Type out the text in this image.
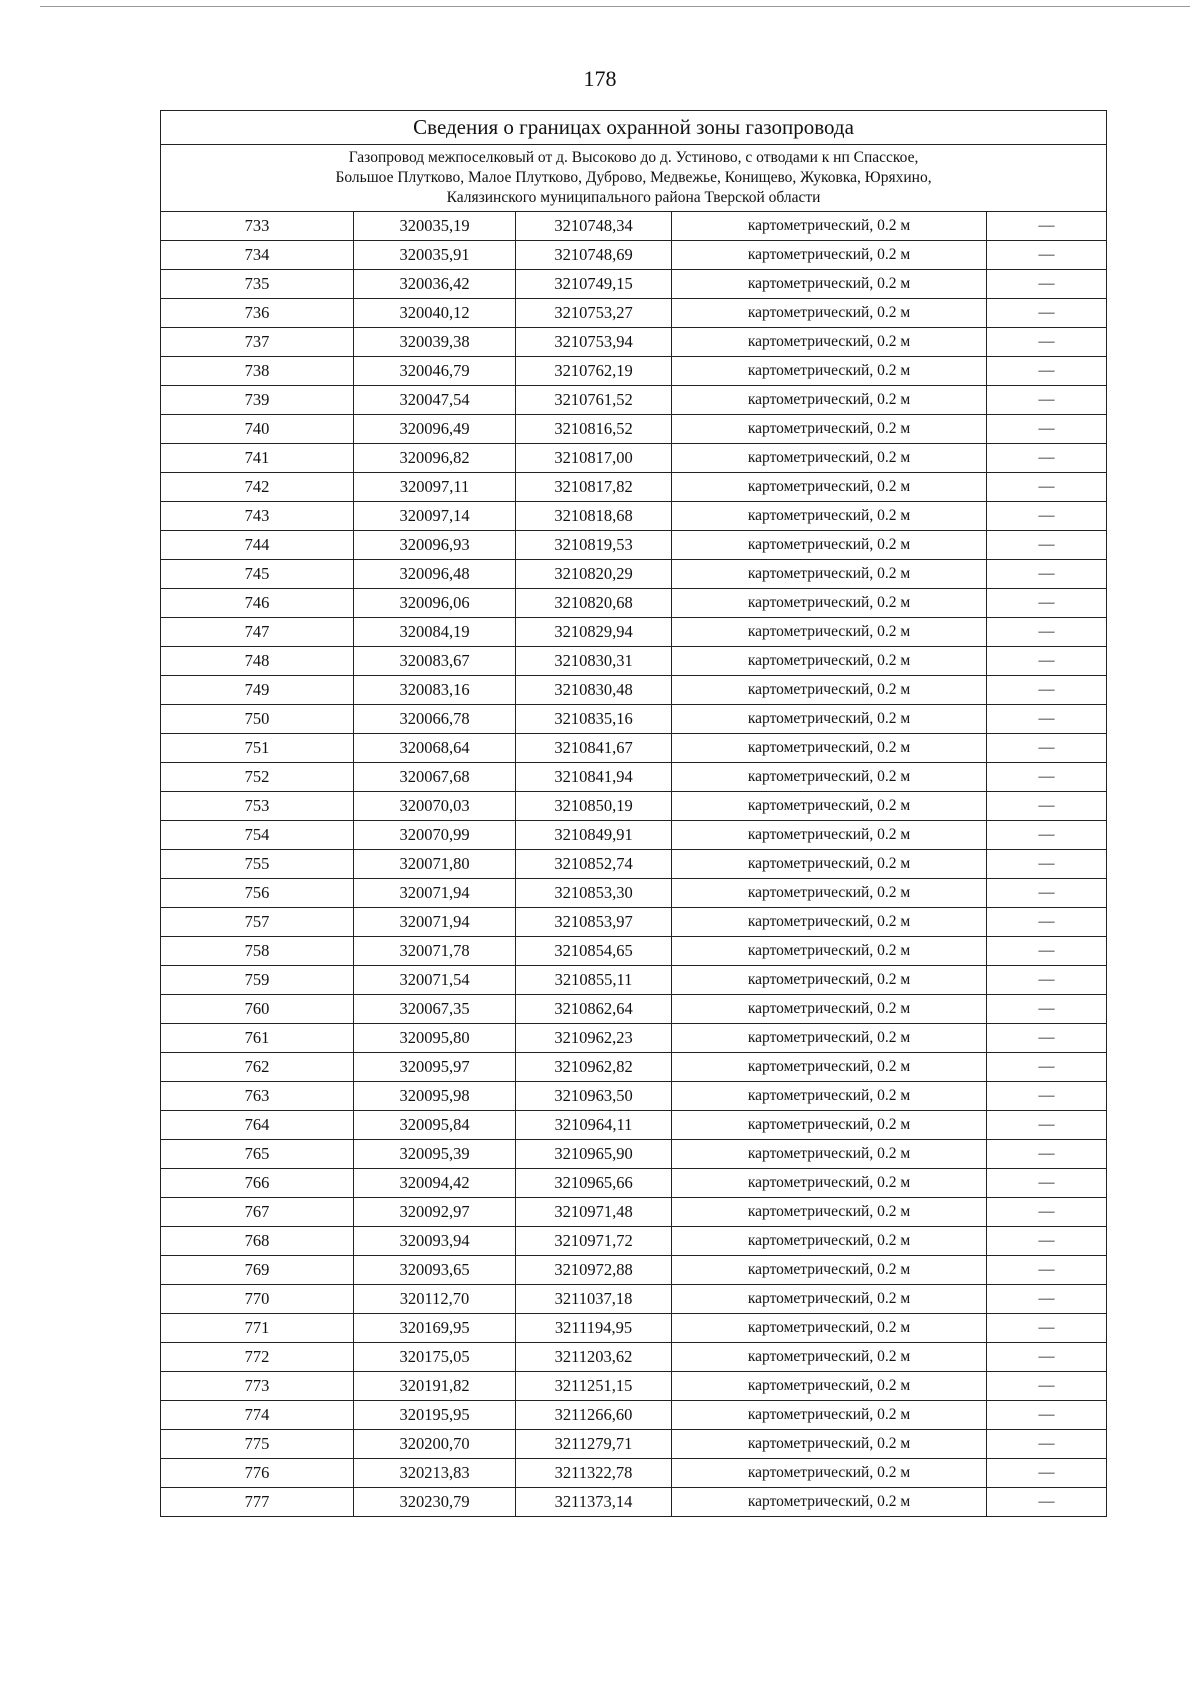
178
Сведения о границах охранной зоны газопровода				

Газопровод межпоселковый от д. Высоково до д. Устиново, с отводами к нп Спасское,
Большое Плутково, Малое Плутково, Дуброво, Медвежье, Конищево, Жуковка, Юряхино,
Калязинского муниципального района Тверской области				

733	320035,19	3210748,34	картометрический, 0.2 м	—
734	320035,91	3210748,69	картометрический, 0.2 м	—
735	320036,42	3210749,15	картометрический, 0.2 м	—
736	320040,12	3210753,27	картометрический, 0.2 м	—
737	320039,38	3210753,94	картометрический, 0.2 м	—
738	320046,79	3210762,19	картометрический, 0.2 м	—
739	320047,54	3210761,52	картометрический, 0.2 м	—
740	320096,49	3210816,52	картометрический, 0.2 м	—
741	320096,82	3210817,00	картометрический, 0.2 м	—
742	320097,11	3210817,82	картометрический, 0.2 м	—
743	320097,14	3210818,68	картометрический, 0.2 м	—
744	320096,93	3210819,53	картометрический, 0.2 м	—
745	320096,48	3210820,29	картометрический, 0.2 м	—
746	320096,06	3210820,68	картометрический, 0.2 м	—
747	320084,19	3210829,94	картометрический, 0.2 м	—
748	320083,67	3210830,31	картометрический, 0.2 м	—
749	320083,16	3210830,48	картометрический, 0.2 м	—
750	320066,78	3210835,16	картометрический, 0.2 м	—
751	320068,64	3210841,67	картометрический, 0.2 м	—
752	320067,68	3210841,94	картометрический, 0.2 м	—
753	320070,03	3210850,19	картометрический, 0.2 м	—
754	320070,99	3210849,91	картометрический, 0.2 м	—
755	320071,80	3210852,74	картометрический, 0.2 м	—
756	320071,94	3210853,30	картометрический, 0.2 м	—
757	320071,94	3210853,97	картометрический, 0.2 м	—
758	320071,78	3210854,65	картометрический, 0.2 м	—
759	320071,54	3210855,11	картометрический, 0.2 м	—
760	320067,35	3210862,64	картометрический, 0.2 м	—
761	320095,80	3210962,23	картометрический, 0.2 м	—
762	320095,97	3210962,82	картометрический, 0.2 м	—
763	320095,98	3210963,50	картометрический, 0.2 м	—
764	320095,84	3210964,11	картометрический, 0.2 м	—
765	320095,39	3210965,90	картометрический, 0.2 м	—
766	320094,42	3210965,66	картометрический, 0.2 м	—
767	320092,97	3210971,48	картометрический, 0.2 м	—
768	320093,94	3210971,72	картометрический, 0.2 м	—
769	320093,65	3210972,88	картометрический, 0.2 м	—
770	320112,70	3211037,18	картометрический, 0.2 м	—
771	320169,95	3211194,95	картометрический, 0.2 м	—
772	320175,05	3211203,62	картометрический, 0.2 м	—
773	320191,82	3211251,15	картометрический, 0.2 м	—
774	320195,95	3211266,60	картометрический, 0.2 м	—
775	320200,70	3211279,71	картометрический, 0.2 м	—
776	320213,83	3211322,78	картометрический, 0.2 м	—
777	320230,79	3211373,14	картометрический, 0.2 м	—
